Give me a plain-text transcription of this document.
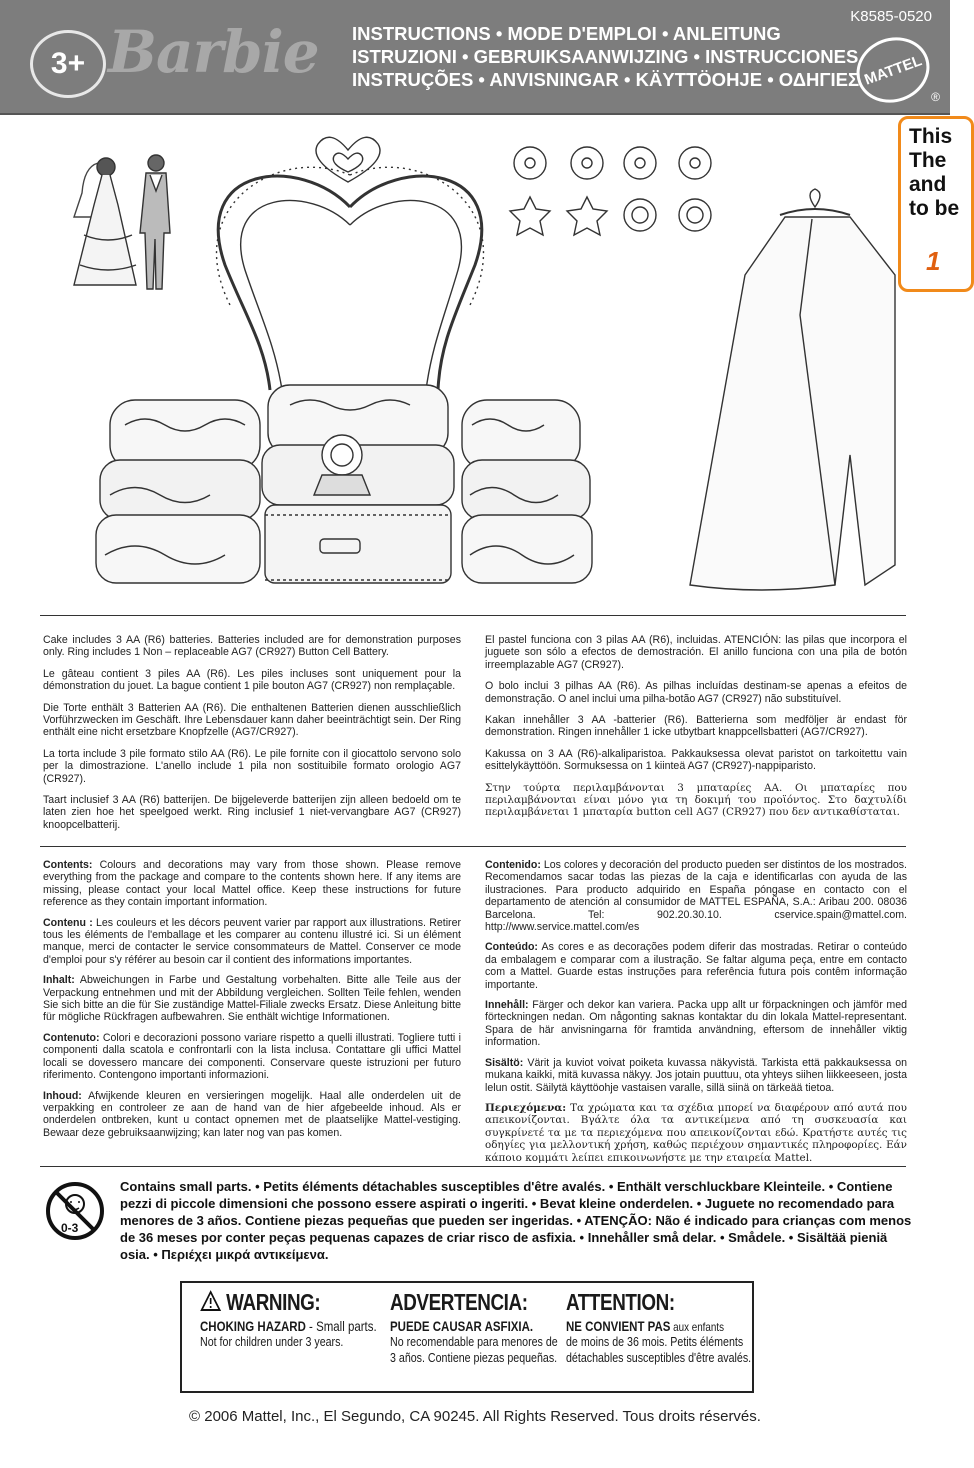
3+ Barbie INSTRUCTIONS • MODE D'EMPLOI • ANLEITUNG
ISTRUZIONI • GEBRUIKSAANWIJZING • INSTRUCCIONES
INSTRUÇÕES • ANVISNINGAR • KÄYTTÖOHJE • ΟΔΗΓΙΕΣ
K8585-0520
MATTEL
®
This
The
and
to be
1

Cake includes 3 AA (R6) batteries. Batteries included are for demonstration purposes only. Ring includes 1 Non – replaceable AG7 (CR927) Button Cell Battery.

Le gâteau contient 3 piles AA (R6). Les piles incluses sont uniquement pour la démonstration du jouet. La bague contient 1 pile bouton AG7 (CR927) non remplaçable.

Die Torte enthält 3 Batterien AA (R6). Die enthaltenen Batterien dienen ausschließlich Vorführzwecken im Geschäft. Ihre Lebensdauer kann daher beeinträchtigt sein. Der Ring enthält eine nicht ersetzbare Knopfzelle (AG7/CR927).

La torta include 3 pile formato stilo AA (R6). Le pile fornite con il giocattolo servono solo per la dimostrazione. L'anello include 1 pila non sostituibile formato orologio AG7 (CR927).

Taart inclusief 3 AA (R6) batterijen. De bijgeleverde batterijen zijn alleen bedoeld om te laten zien hoe het speelgoed werkt. Ring inclusief 1 niet-vervangbare AG7 (CR927) knoopcelbatterij.

El pastel funciona con 3 pilas AA (R6), incluidas. ATENCIÓN: las pilas que incorpora el juguete son sólo a efectos de demostración. El anillo funciona con una pila de botón irreemplazable AG7 (CR927).

O bolo inclui 3 pilhas AA (R6). As pilhas incluídas destinam-se apenas a efeitos de demonstração. O anel inclui uma pilha-botão AG7 (CR927) não substituível.

Kakan innehåller 3 AA -batterier (R6). Batterierna som medföljer är endast för demonstration. Ringen innehåller 1 icke utbytbart knappcellsbatteri (AG7/CR927).

Kakussa on 3 AA (R6)-alkaliparistoa. Pakkauksessa olevat paristot on tarkoitettu vain esittelykäyttöön. Sormuksessa on 1 kiinteä AG7 (CR927)-nappiparisto.

Στην τούρτα περιλαμβάνονται 3 μπαταρίες AA. Οι μπαταρίες που περιλαμβάνονται είναι μόνο για τη δοκιμή του προϊόντος. Στο δαχτυλίδι περιλαμβάνεται 1 μπαταρία button cell AG7 (CR927) που δεν αντικαθίσταται.

Contents: Colours and decorations may vary from those shown. Please remove everything from the package and compare to the contents shown here. If any items are missing, please contact your local Mattel office. Keep these instructions for future reference as they contain important information.

Contenu : Les couleurs et les décors peuvent varier par rapport aux illustrations. Retirer tous les éléments de l'emballage et les comparer au contenu illustré ici. Si un élément manque, merci de contacter le service consommateurs de Mattel. Conserver ce mode d'emploi pour s'y référer au besoin car il contient des informations importantes.

Inhalt: Abweichungen in Farbe und Gestaltung vorbehalten. Bitte alle Teile aus der Verpackung entnehmen und mit der Abbildung vergleichen. Sollten Teile fehlen, wenden Sie sich bitte an die für Sie zuständige Mattel-Filiale zwecks Ersatz. Diese Anleitung bitte für mögliche Rückfragen aufbewahren. Sie enthält wichtige Informationen.

Contenuto: Colori e decorazioni possono variare rispetto a quelli illustrati. Togliere tutti i componenti dalla scatola e confrontarli con la lista inclusa. Contattare gli uffici Mattel locali se dovessero mancare dei componenti. Conservare queste istruzioni per futuro riferimento. Contengono importanti informazioni.

Inhoud: Afwijkende kleuren en versieringen mogelijk. Haal alle onderdelen uit de verpakking en controleer ze aan de hand van de hier afgebeelde inhoud. Als er onderdelen ontbreken, kunt u contact opnemen met de plaatselijke Mattel-vestiging. Bewaar deze gebruiksaanwijzing; kan later nog van pas komen.

Contenido: Los colores y decoración del producto pueden ser distintos de los mostrados. Recomendamos sacar todas las piezas de la caja e identificarlas con ayuda de las ilustraciones. Para producto adquirido en España póngase en contacto con el departamento de atención al consumidor de MATTEL ESPAÑA, S.A.: Aribau 200. 08036 Barcelona. Tel: 902.20.30.10. cservice.spain@mattel.com. http://www.service.mattel.com/es

Conteúdo: As cores e as decorações podem diferir das mostradas. Retirar o conteúdo da embalagem e comparar com a ilustração. Se faltar alguma peça, entre em contacto com a Mattel. Guarde estas instruções para referência futura pois contêm informação importante.

Innehåll: Färger och dekor kan variera. Packa upp allt ur förpackningen och jämför med förteckningen nedan. Om någonting saknas kontaktar du din lokala Mattel-representant. Spara de här anvisningarna för framtida användning, eftersom de innehåller viktig information.

Sisältö: Värit ja kuviot voivat poiketa kuvassa näkyvistä. Tarkista että pakkauksessa on mukana kaikki, mitä kuvassa näkyy. Jos jotain puuttuu, ota yhteys siihen liikkeeseen, josta lelun ostit. Säilytä käyttöohje vastaisen varalle, sillä siinä on tärkeää tietoa.

Περιεχόμενα: Τα χρώματα και τα σχέδια μπορεί να διαφέρουν από αυτά που απεικονίζονται. Βγάλτε όλα τα αντικείμενα από τη συσκευασία και συγκρίνετέ τα με τα περιεχόμενα που απεικονίζονται εδώ. Κρατήστε αυτές τις οδηγίες για μελλοντική χρήση, καθώς περιέχουν σημαντικές πληροφορίες. Εάν κάποιο κομμάτι λείπει επικοινωνήστε με την εταιρεία Mattel.

0-3
Contains small parts. • Petits éléments détachables susceptibles d'être avalés. • Enthält verschluckbare Kleinteile. • Contiene pezzi di piccole dimensioni che possono essere aspirati o ingeriti. • Bevat kleine onderdelen. • Juguete no recomendado para menores de 3 años. Contiene piezas pequeñas que pueden ser ingeridas. • ATENÇÃO: Não é indicado para crianças com menos de 36 meses por conter peças pequenas capazes de criar risco de asfixia. • Innehåller små delar. • Smådele. • Sisältää pieniä osia. • Περιέχει μικρά αντικείμενα.
WARNING:
CHOKING HAZARD - Small parts.
Not for children under 3 years.
ADVERTENCIA:
PUEDE CAUSAR ASFIXIA.
No recomendable para menores de
3 años. Contiene piezas pequeñas.
ATTENTION:
NE CONVIENT PAS aux enfants
de moins de 36 mois. Petits éléments
détachables susceptibles d'être avalés.
© 2006 Mattel, Inc., El Segundo, CA 90245. All Rights Reserved. Tous droits réservés.
